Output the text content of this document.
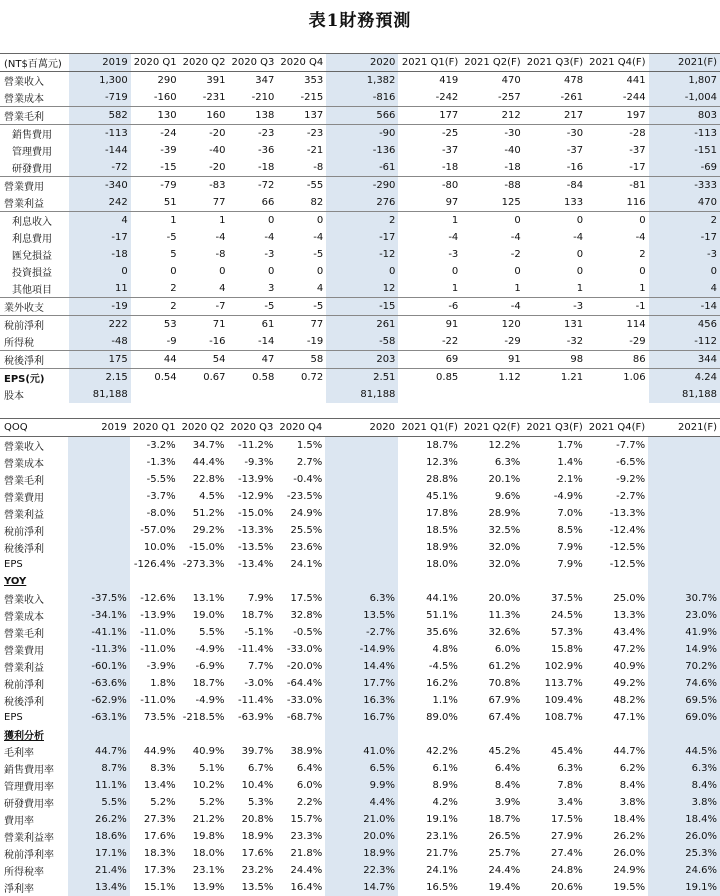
表1財務預測
(NT$百萬元)	2019	2020 Q1	2020 Q2	2020 Q3	2020 Q4	2020	2021 Q1(F)	2021 Q2(F)	2021 Q3(F)	2021 Q4(F)	2021(F)
營業收入	1,300	290	391	347	353	1,382	419	470	478	441	1,807
營業成本	-719	-160	-231	-210	-215	-816	-242	-257	-261	-244	-1,004
營業毛利	582	130	160	138	137	566	177	212	217	197	803
銷售費用	-113	-24	-20	-23	-23	-90	-25	-30	-30	-28	-113
管理費用	-144	-39	-40	-36	-21	-136	-37	-40	-37	-37	-151
研發費用	-72	-15	-20	-18	-8	-61	-18	-18	-16	-17	-69
營業費用	-340	-79	-83	-72	-55	-290	-80	-88	-84	-81	-333
營業利益	242	51	77	66	82	276	97	125	133	116	470
利息收入	4	1	1	0	0	2	1	0	0	0	2
利息費用	-17	-5	-4	-4	-4	-17	-4	-4	-4	-4	-17
匯兌損益	-18	5	-8	-3	-5	-12	-3	-2	0	2	-3
投資損益	0	0	0	0	0	0	0	0	0	0	0
其他項目	11	2	4	3	4	12	1	1	1	1	4
業外收支	-19	2	-7	-5	-5	-15	-6	-4	-3	-1	-14
稅前淨利	222	53	71	61	77	261	91	120	131	114	456
所得稅	-48	-9	-16	-14	-19	-58	-22	-29	-32	-29	-112
稅後淨利	175	44	54	47	58	203	69	91	98	86	344
EPS(元)	2.15	0.54	0.67	0.58	0.72	2.51	0.85	1.12	1.21	1.06	4.24
股本	81,188					81,188					81,188
QOQ	2019	2020 Q1	2020 Q2	2020 Q3	2020 Q4	2020	2021 Q1(F)	2021 Q2(F)	2021 Q3(F)	2021 Q4(F)	2021(F)
營業收入		-3.2%	34.7%	-11.2%	1.5%		18.7%	12.2%	1.7%	-7.7%	
營業成本		-1.3%	44.4%	-9.3%	2.7%		12.3%	6.3%	1.4%	-6.5%	
營業毛利		-5.5%	22.8%	-13.9%	-0.4%		28.8%	20.1%	2.1%	-9.2%	
營業費用		-3.7%	4.5%	-12.9%	-23.5%		45.1%	9.6%	-4.9%	-2.7%	
營業利益		-8.0%	51.2%	-15.0%	24.9%		17.8%	28.9%	7.0%	-13.3%	
稅前淨利		-57.0%	29.2%	-13.3%	25.5%		18.5%	32.5%	8.5%	-12.4%	
稅後淨利		10.0%	-15.0%	-13.5%	23.6%		18.9%	32.0%	7.9%	-12.5%	
EPS		-126.4%	-273.3%	-13.4%	24.1%		18.0%	32.0%	7.9%	-12.5%	
YOY											
營業收入	-37.5%	-12.6%	13.1%	7.9%	17.5%	6.3%	44.1%	20.0%	37.5%	25.0%	30.7%
營業成本	-34.1%	-13.9%	19.0%	18.7%	32.8%	13.5%	51.1%	11.3%	24.5%	13.3%	23.0%
營業毛利	-41.1%	-11.0%	5.5%	-5.1%	-0.5%	-2.7%	35.6%	32.6%	57.3%	43.4%	41.9%
營業費用	-11.3%	-11.0%	-4.9%	-11.4%	-33.0%	-14.9%	4.8%	6.0%	15.8%	47.2%	14.9%
營業利益	-60.1%	-3.9%	-6.9%	7.7%	-20.0%	14.4%	-4.5%	61.2%	102.9%	40.9%	70.2%
稅前淨利	-63.6%	1.8%	18.7%	-3.0%	-64.4%	17.7%	16.2%	70.8%	113.7%	49.2%	74.6%
稅後淨利	-62.9%	-11.0%	-4.9%	-11.4%	-33.0%	16.3%	1.1%	67.9%	109.4%	48.2%	69.5%
EPS	-63.1%	73.5%	-218.5%	-63.9%	-68.7%	16.7%	89.0%	67.4%	108.7%	47.1%	69.0%
獲利分析											
毛利率	44.7%	44.9%	40.9%	39.7%	38.9%	41.0%	42.2%	45.2%	45.4%	44.7%	44.5%
銷售費用率	8.7%	8.3%	5.1%	6.7%	6.4%	6.5%	6.1%	6.4%	6.3%	6.2%	6.3%
管理費用率	11.1%	13.4%	10.2%	10.4%	6.0%	9.9%	8.9%	8.4%	7.8%	8.4%	8.4%
研發費用率	5.5%	5.2%	5.2%	5.3%	2.2%	4.4%	4.2%	3.9%	3.4%	3.8%	3.8%
費用率	26.2%	27.3%	21.2%	20.8%	15.7%	21.0%	19.1%	18.7%	17.5%	18.4%	18.4%
營業利益率	18.6%	17.6%	19.8%	18.9%	23.3%	20.0%	23.1%	26.5%	27.9%	26.2%	26.0%
稅前淨利率	17.1%	18.3%	18.0%	17.6%	21.8%	18.9%	21.7%	25.7%	27.4%	26.0%	25.3%
所得稅率	21.4%	17.3%	23.1%	23.2%	24.4%	22.3%	24.1%	24.4%	24.8%	24.9%	24.6%
淨利率	13.4%	15.1%	13.9%	13.5%	16.4%	14.7%	16.5%	19.4%	20.6%	19.5%	19.1%
